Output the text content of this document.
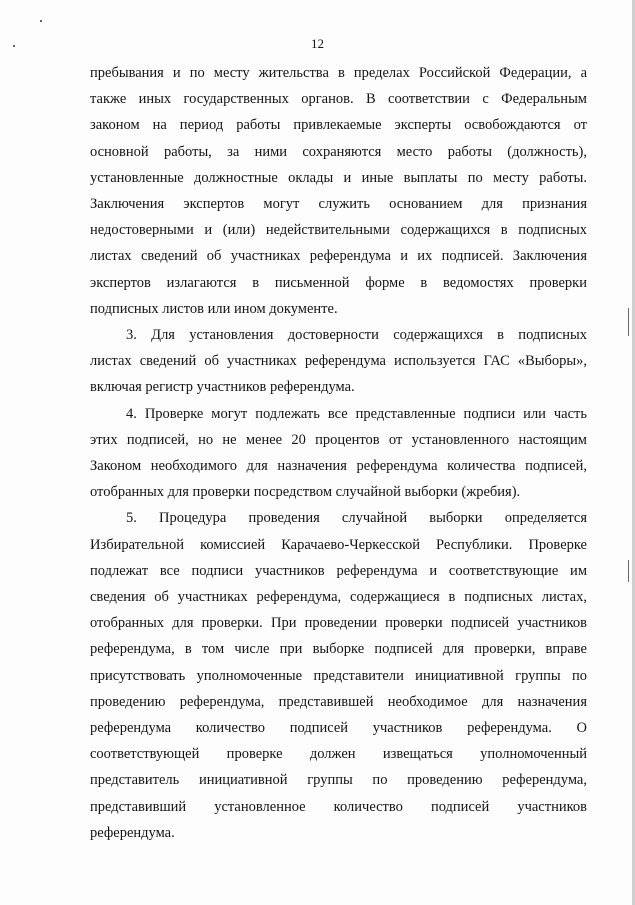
12

пребывания и по месту жительства в пределах Российской Федерации, а

также иных государственных органов. В соответствии с Федеральным

законом на период работы привлекаемые эксперты освобождаются от

основной работы, за ними сохраняются место работы (должность),

установленные должностные оклады и иные выплаты по месту работы.

Заключения экспертов могут служить основанием для признания

недостоверными и (или) недействительными содержащихся в подписных

листах сведений об участниках референдума и их подписей. Заключения

экспертов излагаются в письменной форме в ведомостях проверки

подписных листов или ином документе.

3. Для установления достоверности содержащихся в подписных

листах сведений об участниках референдума используется ГАС «Выборы»,

включая регистр участников референдума.

4. Проверке могут подлежать все представленные подписи или часть

этих подписей, но не менее 20 процентов от установленного настоящим

Законом необходимого для назначения референдума количества подписей,

отобранных для проверки посредством случайной выборки (жребия).

5. Процедура проведения случайной выборки определяется

Избирательной комиссией Карачаево-Черкесской Республики. Проверке

подлежат все подписи участников референдума и соответствующие им

сведения об участниках референдума, содержащиеся в подписных листах,

отобранных для проверки. При проведении проверки подписей участников

референдума, в том числе при выборке подписей для проверки, вправе

присутствовать уполномоченные представители инициативной группы по

проведению референдума, представившей необходимое для назначения

референдума количество подписей участников референдума. О

соответствующей проверке должен извещаться уполномоченный

представитель инициативной группы по проведению референдума,

представивший установленное количество подписей участников

референдума.
